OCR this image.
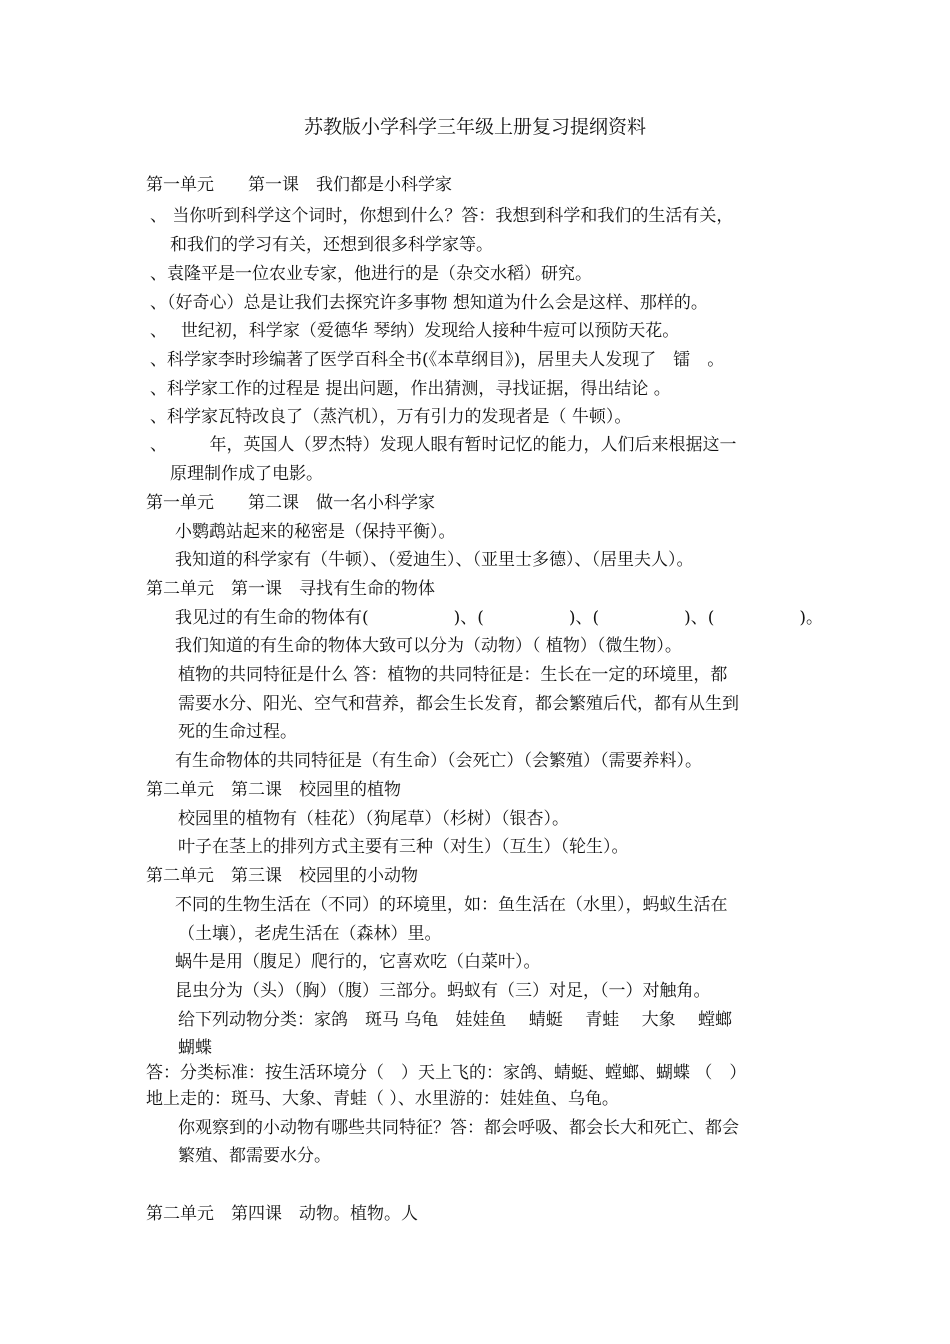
苏教版小学科学三年级上册复习提纲资料
第一单元　　第一课　我们都是小科学家
、 当你听到科学这个词时，你想到什么？答：我想到科学和我们的生活有关，
和我们的学习有关，还想到很多科学家等。
、袁隆平是一位农业专家，他进行的是（杂交水稻）研究。
、（好奇心）总是让我们去探究许多事物 想知道为什么会是这样、那样的。
、　 世纪初，科学家（爱德华 琴纳）发现给人接种牛痘可以预防天花。
、科学家李时珍编著了医学百科全书(《本草纲目》)，居里夫人发现了　镭　。
、科学家工作的过程是 提出问题，作出猜测，寻找证据，得出结论 。
、科学家瓦特改良了（蒸汽机），万有引力的发现者是（ 牛顿）。
、　　　年，英国人（罗杰特）发现人眼有暂时记忆的能力，人们后来根据这一
原理制作成了电影。
第一单元　　第二课　做一名小科学家
小鹦鹉站起来的秘密是（保持平衡）。
我知道的科学家有（牛顿）、（爱迪生）、（亚里士多德）、（居里夫人）。
第二单元　第一课　寻找有生命的物体
我见过的有生命的物体有(　　　　　)、(　　　　　)、(　　　　　)、(　　　　　)。
我们知道的有生命的物体大致可以分为（动物）（ 植物）（微生物）。
植物的共同特征是什么 答：植物的共同特征是：生长在一定的环境里，都
需要水分、阳光、空气和营养，都会生长发育，都会繁殖后代，都有从生到
死的生命过程。
有生命物体的共同特征是（有生命）（会死亡）（会繁殖）（需要养料）。
第二单元　第二课　校园里的植物
校园里的植物有（桂花）（狗尾草）（杉树）（银杏）。
叶子在茎上的排列方式主要有三种（对生）（互生）（轮生）。
第二单元　第三课　校园里的小动物
不同的生物生活在（不同）的环境里，如：鱼生活在（水里），蚂蚁生活在
（土壤），老虎生活在（森林）里。
蜗牛是用（腹足）爬行的，它喜欢吃（白菜叶）。
昆虫分为（头）（胸）（腹）三部分。蚂蚁有（三）对足，（一）对触角。
给下列动物分类：家鸽　斑马 乌龟　娃娃鱼　 蜻蜓　 青蛙　 大象　 螳螂
蝴蝶
答：分类标准：按生活环境分（　）天上飞的：家鸽、蜻蜓、螳螂、蝴蝶 （　）
地上走的：斑马、大象、青蛙（ ）、水里游的：娃娃鱼、乌龟。
你观察到的小动物有哪些共同特征？答：都会呼吸、都会长大和死亡、都会
繁殖、都需要水分。
第二单元　第四课　动物。植物。人
